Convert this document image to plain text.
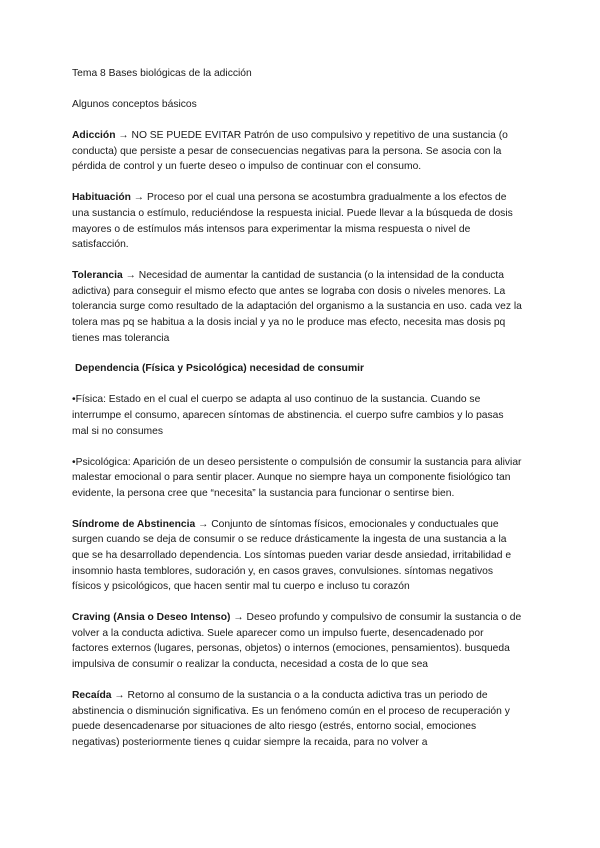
Tema 8 Bases biológicas de la adicción
Algunos conceptos básicos
Adicción → NO SE PUEDE EVITAR Patrón de uso compulsivo y repetitivo de una sustancia (o conducta) que persiste a pesar de consecuencias negativas para la persona. Se asocia con la pérdida de control y un fuerte deseo o impulso de continuar con el consumo.
Habituación → Proceso por el cual una persona se acostumbra gradualmente a los efectos de una sustancia o estímulo, reduciéndose la respuesta inicial. Puede llevar a la búsqueda de dosis mayores o de estímulos más intensos para experimentar la misma respuesta o nivel de satisfacción.
Tolerancia → Necesidad de aumentar la cantidad de sustancia (o la intensidad de la conducta adictiva) para conseguir el mismo efecto que antes se lograba con dosis o niveles menores. La tolerancia surge como resultado de la adaptación del organismo a la sustancia en uso. cada vez la tolera mas pq se habitua a la dosis incial y ya no le produce mas efecto, necesita mas dosis pq tienes mas tolerancia
Dependencia (Física y Psicológica) necesidad de consumir
•Física: Estado en el cual el cuerpo se adapta al uso continuo de la sustancia. Cuando se interrumpe el consumo, aparecen síntomas de abstinencia. el cuerpo sufre cambios y lo pasas mal si no consumes
•Psicológica: Aparición de un deseo persistente o compulsión de consumir la sustancia para aliviar malestar emocional o para sentir placer. Aunque no siempre haya un componente fisiológico tan evidente, la persona cree que “necesita” la sustancia para funcionar o sentirse bien.
Síndrome de Abstinencia → Conjunto de síntomas físicos, emocionales y conductuales que surgen cuando se deja de consumir o se reduce drásticamente la ingesta de una sustancia a la que se ha desarrollado dependencia. Los síntomas pueden variar desde ansiedad, irritabilidad e insomnio hasta temblores, sudoración y, en casos graves, convulsiones. síntomas negativos físicos y psicológicos, que hacen sentir mal tu cuerpo e incluso tu corazón
Craving (Ansia o Deseo Intenso) → Deseo profundo y compulsivo de consumir la sustancia o de volver a la conducta adictiva. Suele aparecer como un impulso fuerte, desencadenado por factores externos (lugares, personas, objetos) o internos (emociones, pensamientos). busqueda impulsiva de consumir o realizar la conducta, necesidad a costa de lo que sea
Recaída → Retorno al consumo de la sustancia o a la conducta adictiva tras un periodo de abstinencia o disminución significativa. Es un fenómeno común en el proceso de recuperación y puede desencadenarse por situaciones de alto riesgo (estrés, entorno social, emociones negativas) posteriormente tienes q cuidar siempre la recaida, para no volver a
